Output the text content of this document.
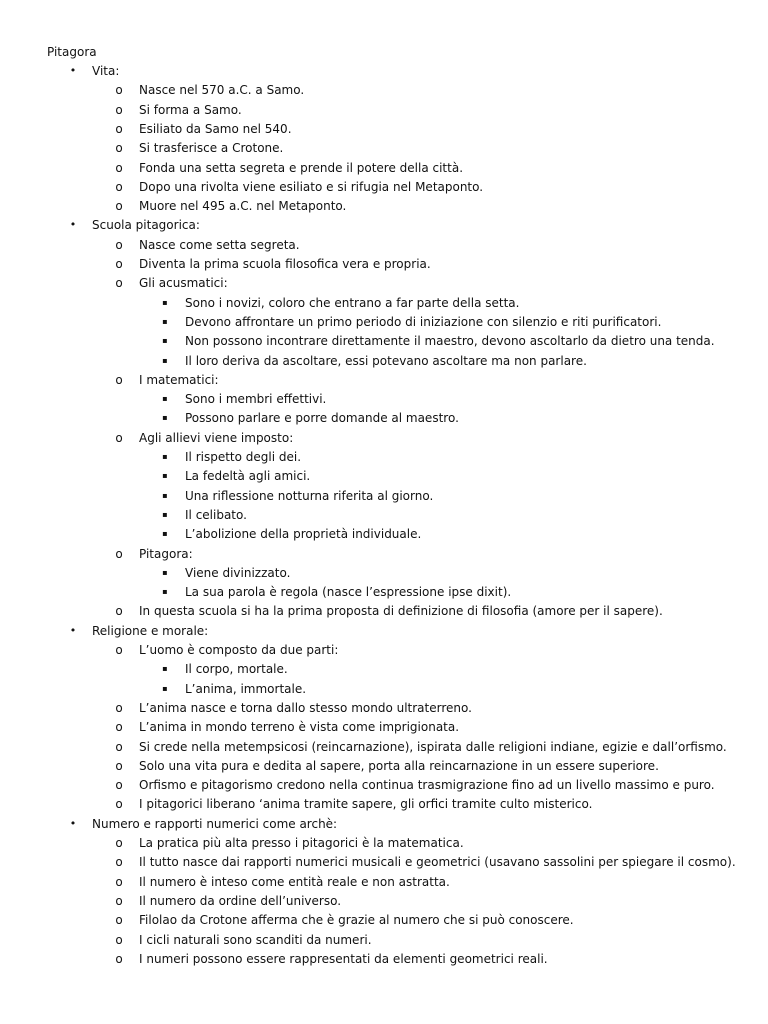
Pitagora
• Vita:
o Nasce nel 570 a.C. a Samo.
o Si forma a Samo.
o Esiliato da Samo nel 540.
o Si trasferisce a Crotone.
o Fonda una setta segreta e prende il potere della città.
o Dopo una rivolta viene esiliato e si rifugia nel Metaponto.
o Muore nel 495 a.C. nel Metaponto.
• Scuola pitagorica:
o Nasce come setta segreta.
o Diventa la prima scuola filosofica vera e propria.
o Gli acusmatici:
▪ Sono i novizi, coloro che entrano a far parte della setta.
▪ Devono affrontare un primo periodo di iniziazione con silenzio e riti purificatori.
▪ Non possono incontrare direttamente il maestro, devono ascoltarlo da dietro una tenda.
▪ Il loro deriva da ascoltare, essi potevano ascoltare ma non parlare.
o I matematici:
▪ Sono i membri effettivi.
▪ Possono parlare e porre domande al maestro.
o Agli allievi viene imposto:
▪ Il rispetto degli dei.
▪ La fedeltà agli amici.
▪ Una riflessione notturna riferita al giorno.
▪ Il celibato.
▪ L’abolizione della proprietà individuale.
o Pitagora:
▪ Viene divinizzato.
▪ La sua parola è regola (nasce l’espressione ipse dixit).
o In questa scuola si ha la prima proposta di definizione di filosofia (amore per il sapere).
• Religione e morale:
o L’uomo è composto da due parti:
▪ Il corpo, mortale.
▪ L’anima, immortale.
o L’anima nasce e torna dallo stesso mondo ultraterreno.
o L’anima in mondo terreno è vista come imprigionata.
o Si crede nella metempsicosi (reincarnazione), ispirata dalle religioni indiane, egizie e dall’orfismo.
o Solo una vita pura e dedita al sapere, porta alla reincarnazione in un essere superiore.
o Orfismo e pitagorismo credono nella continua trasmigrazione fino ad un livello massimo e puro.
o I pitagorici liberano ‘anima tramite sapere, gli orfici tramite culto misterico.
• Numero e rapporti numerici come archè:
o La pratica più alta presso i pitagorici è la matematica.
o Il tutto nasce dai rapporti numerici musicali e geometrici (usavano sassolini per spiegare il cosmo).
o Il numero è inteso come entità reale e non astratta.
o Il numero da ordine dell’universo.
o Filolao da Crotone afferma che è grazie al numero che si può conoscere.
o I cicli naturali sono scanditi da numeri.
o I numeri possono essere rappresentati da elementi geometrici reali.
